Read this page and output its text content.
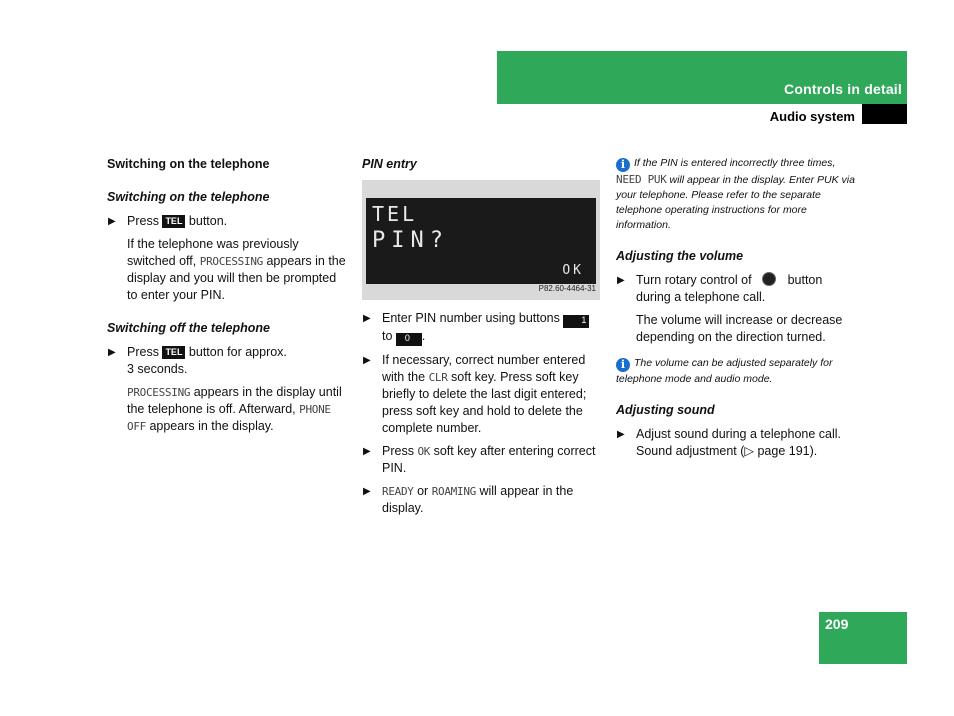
Controls in detail
Audio system
Switching on the telephone
Switching on the telephone
▶ Press TEL button.
If the telephone was previously switched off, PROCESSING appears in the display and you will then be prompted to enter your PIN.
Switching off the telephone
▶ Press TEL button for approx.
3 seconds.
PROCESSING appears in the display until the telephone is off. Afterward, PHONE OFF appears in the display.
PIN entry
TEL
PIN?
OK
P82.60-4464-31
▶ Enter PIN number using buttons 1
to 0 .
▶ If necessary, correct number entered with the CLR soft key. Press soft key briefly to delete the last digit entered; press soft key and hold to delete the complete number.
▶ Press OK soft key after entering correct PIN.
▶ READY or ROAMING will appear in the display.
i If the PIN is entered incorrectly three times, NEED PUK will appear in the display. Enter PUK via your telephone. Please refer to the separate telephone operating instructions for more information.
Adjusting the volume
▶ Turn rotary control of	button during a telephone call.
The volume will increase or decrease depending on the direction turned.
i The volume can be adjusted separately for telephone mode and audio mode.
Adjusting sound
▶ Adjust sound during a telephone call. Sound adjustment (▷ page 191).
209
